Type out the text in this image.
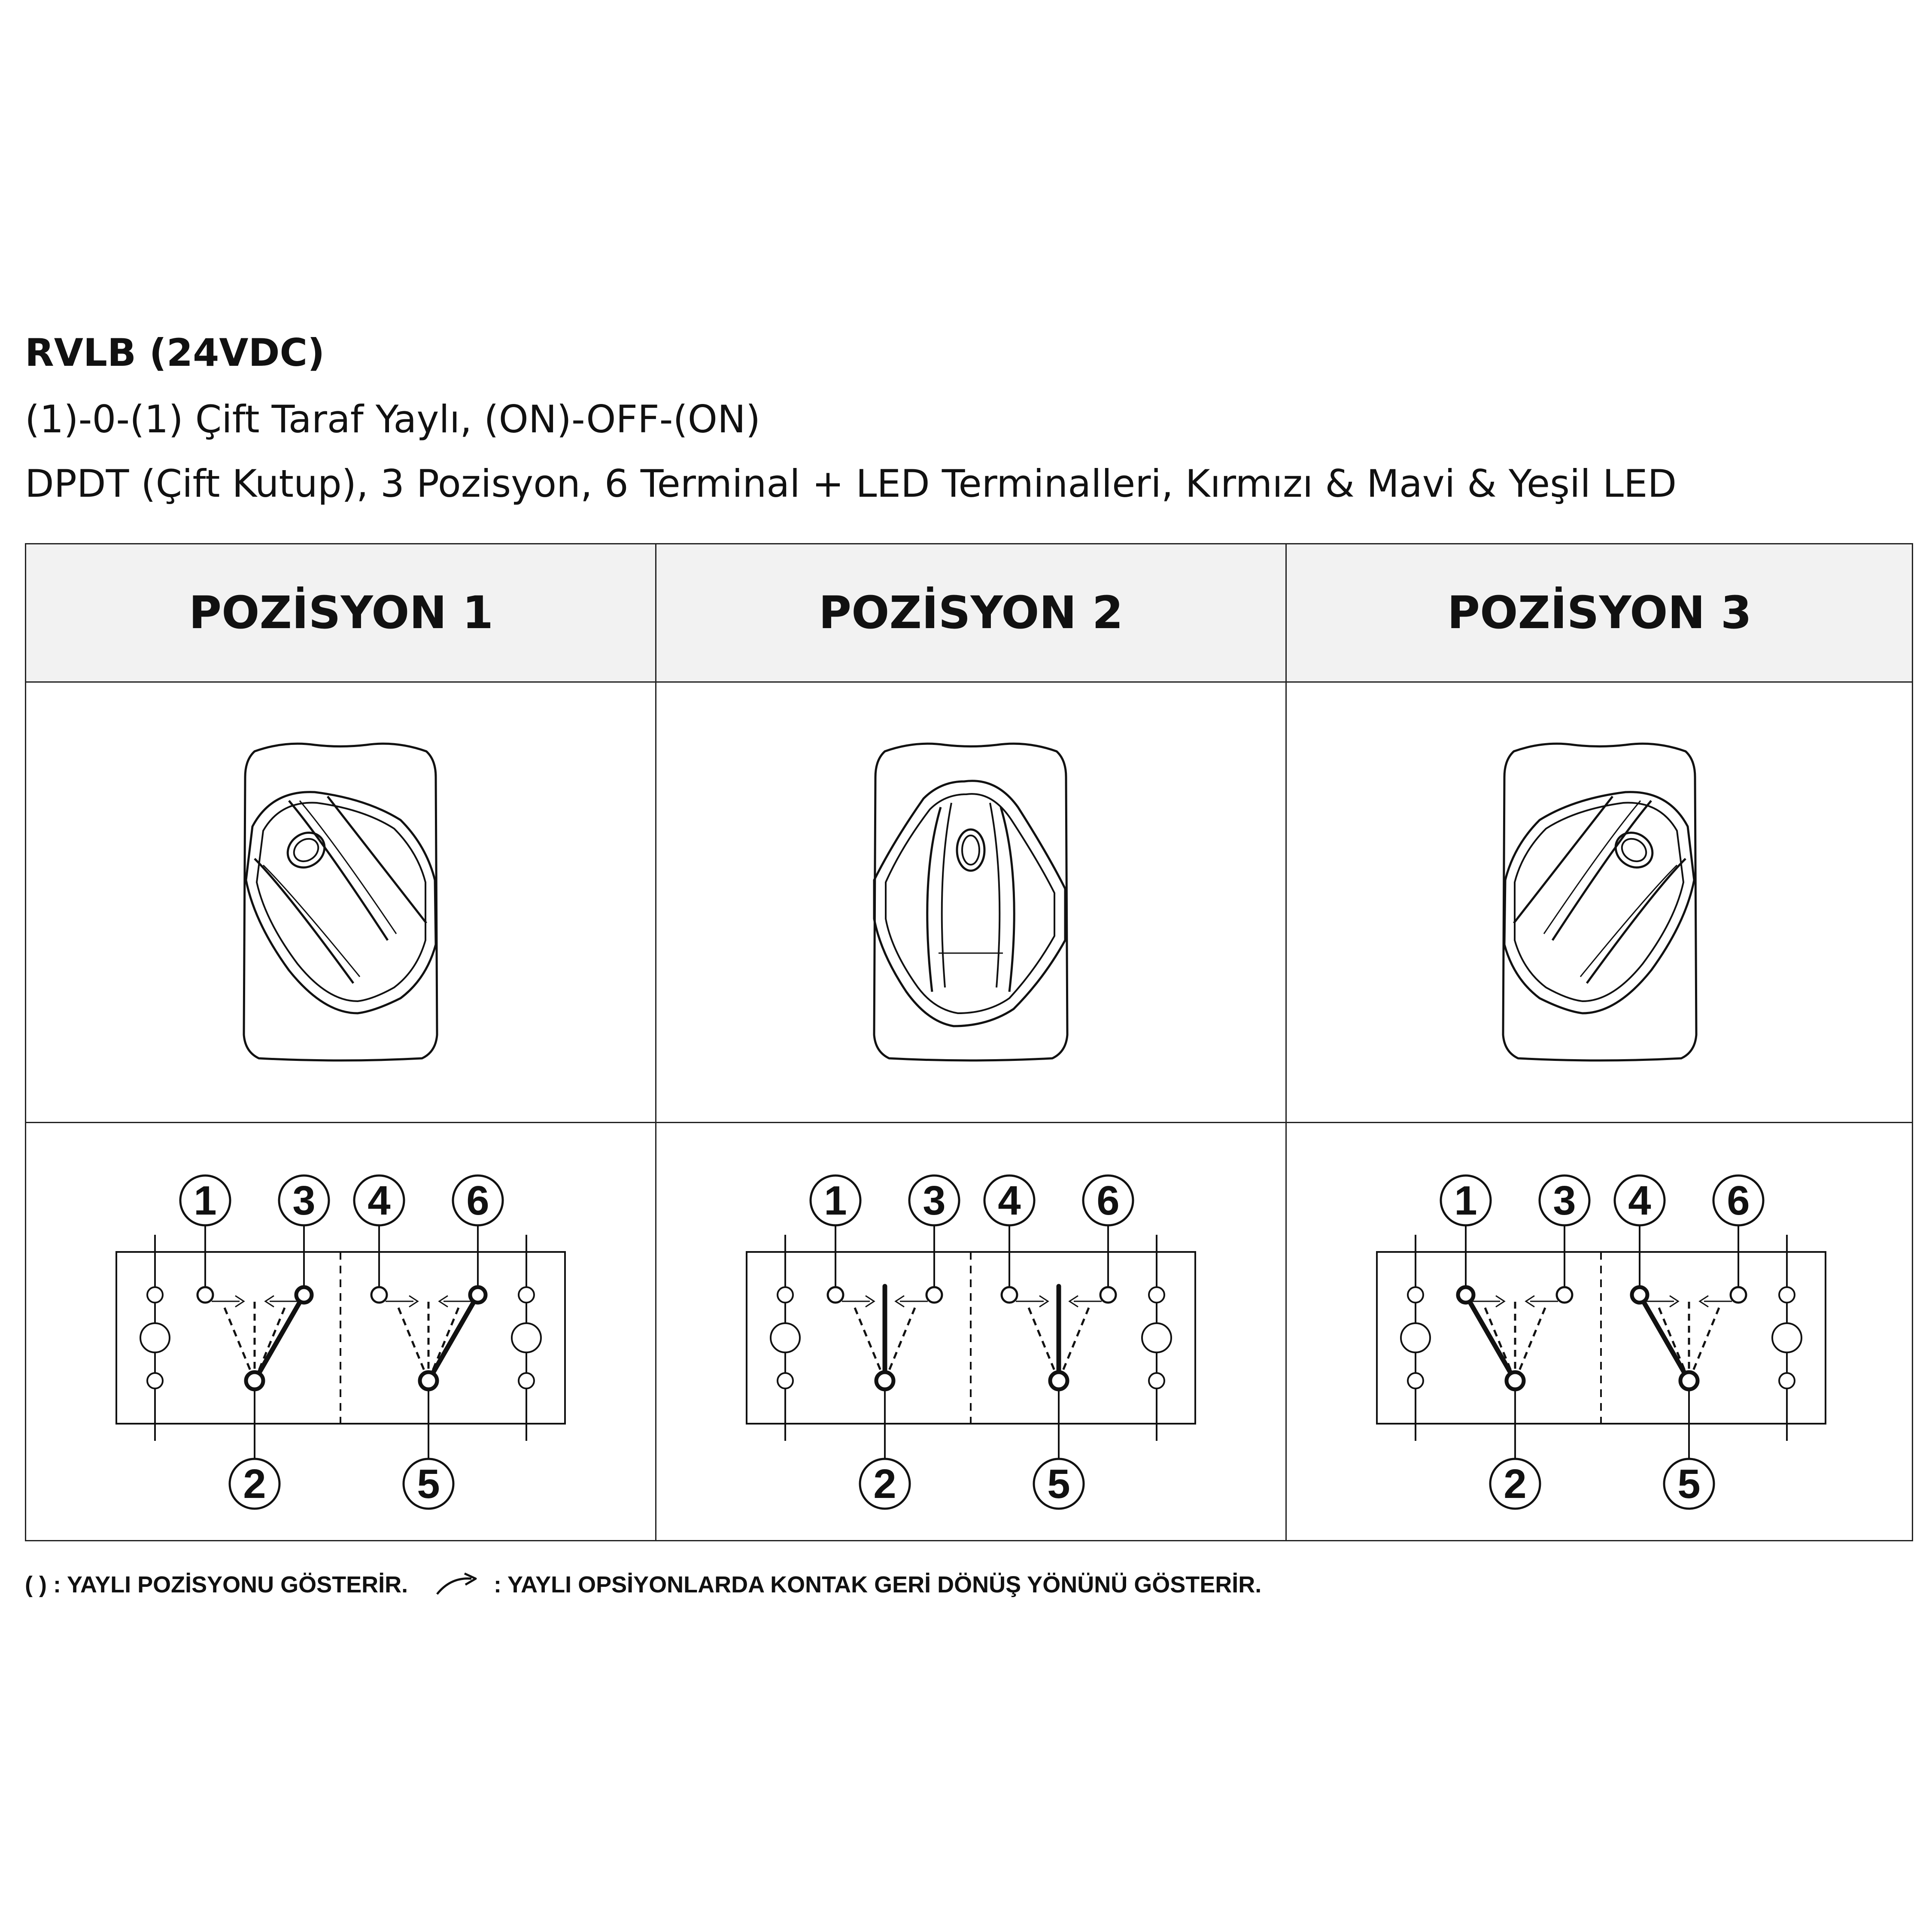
RVLB (24VDC)
(1)-0-(1) Çift Taraf Yaylı, (ON)-OFF-(ON)
DPDT (Çift Kutup), 3 Pozisyon, 6 Terminal + LED Terminalleri, Kırmızı & Mavi & Yeşil LED
POZİSYON 1	POZİSYON 2	POZİSYON 3
1 3
2
4 6
5
1 3
2
4 6
5
1 3
2
4 6
5
( ) : YAYLI POZİSYONU GÖSTERİR.	: YAYLI OPSİYONLARDA KONTAK GERİ DÖNÜŞ YÖNÜNÜ GÖSTERİR.
